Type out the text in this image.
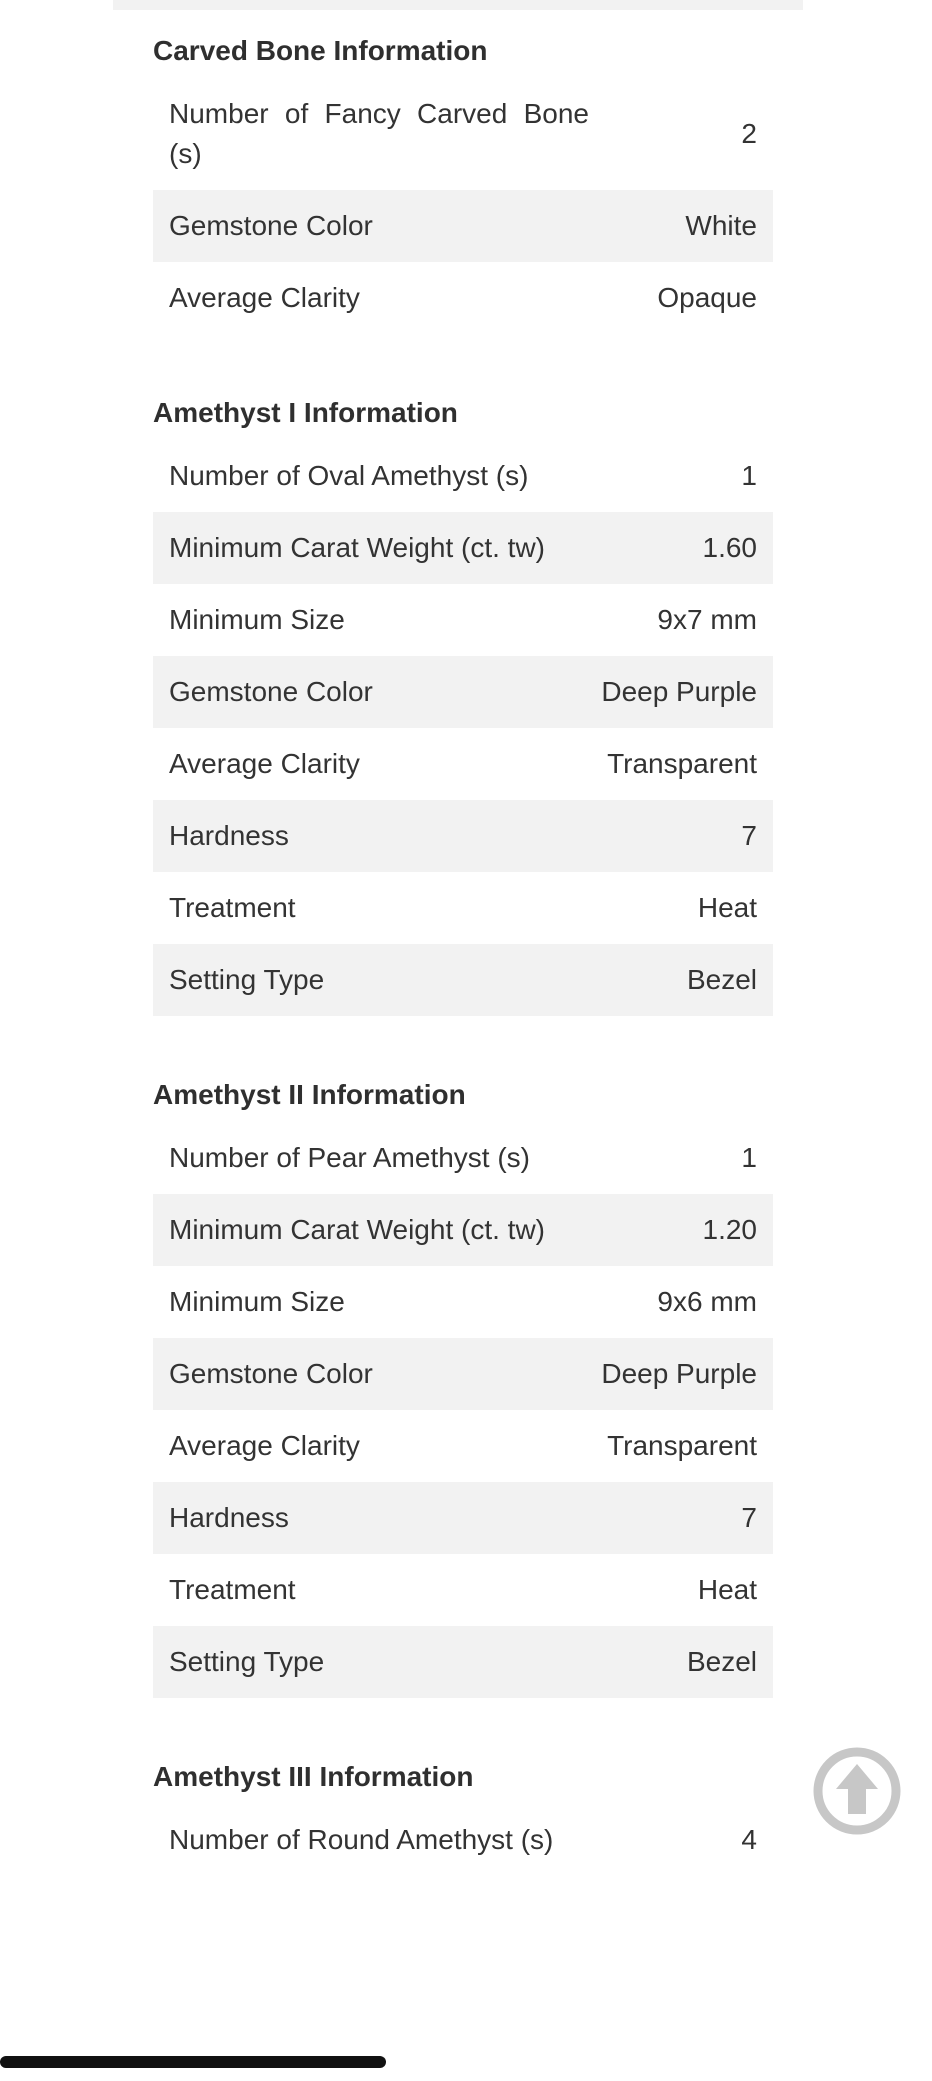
Carved Bone Information
Number of Fancy Carved Bone (s)	2

Gemstone Color	White

Average Clarity	Opaque
Amethyst I Information
Number of Oval Amethyst (s)	1

Minimum Carat Weight (ct. tw)	1.60

Minimum Size	9x7 mm

Gemstone Color	Deep Purple

Average Clarity	Transparent

Hardness	7

Treatment	Heat

Setting Type	Bezel
Amethyst II Information
Number of Pear Amethyst (s)	1

Minimum Carat Weight (ct. tw)	1.20

Minimum Size	9x6 mm

Gemstone Color	Deep Purple

Average Clarity	Transparent

Hardness	7

Treatment	Heat

Setting Type	Bezel
Amethyst III Information
Number of Round Amethyst (s)	4
